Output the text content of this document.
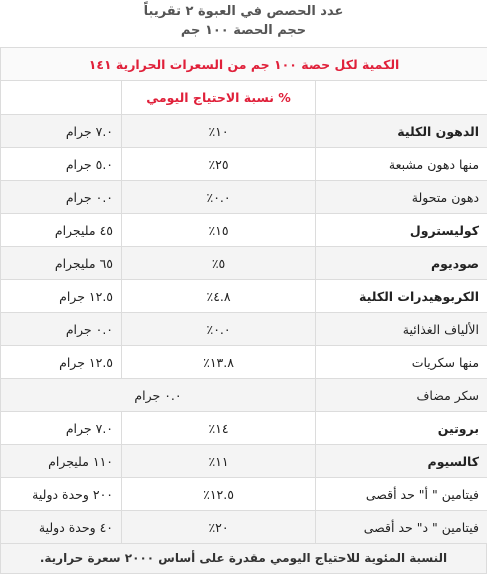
عدد الحصص في العبوة ٢ تقريباً
حجم الحصة ١٠٠ جم
الكمية لكل حصة ١٠٠ جم من السعرات الحرارية ١٤١		
	% نسبة الاحتياج اليومي	
الدهون الكلية	١٠٪	٧.٠ جرام
منها دهون مشبعة	٢٥٪	٥.٠ جرام
دهون متحولة	٠.٠٪	٠.٠ جرام
كوليسترول	١٥٪	٤٥ مليجرام
صوديوم	٥٪	٦٥ مليجرام
الكربوهيدرات الكلية	٤.٨٪	١٢.٥ جرام
الألياف الغذائية	٠.٠٪	٠.٠ جرام
منها سكريات	١٣.٨٪	١٢.٥ جرام
سكر مضاف	٠.٠ جرام	
بروتين	١٤٪	٧.٠ جرام
كالسيوم	١١٪	١١٠ مليجرام
فيتامين " أ" حد أقصى	١٢.٥٪	٢٠٠ وحدة دولية
فيتامين " د" حد أقصى	٢٠٪	٤٠ وحدة دولية
النسبة المئوية للاحتياج اليومي مقدرة على أساس ٢٠٠٠ سعرة حرارية.
